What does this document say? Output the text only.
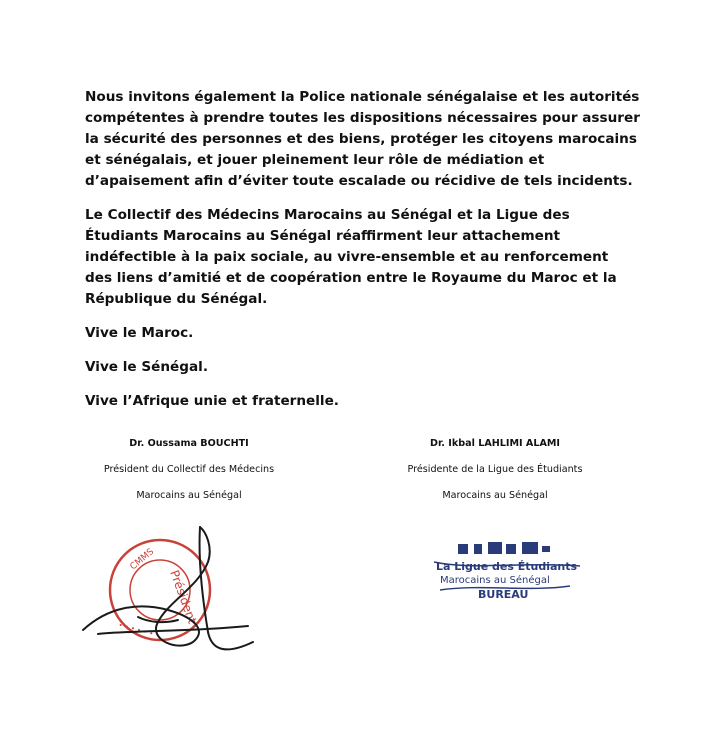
Nous invitons également la Police nationale sénégalaise et les autorités compétentes à prendre toutes les dispositions nécessaires pour assurer la sécurité des personnes et des biens, protéger les citoyens marocains et sénégalais, et jouer pleinement leur rôle de médiation et d’apaisement afin d’éviter toute escalade ou récidive de tels incidents.

Le Collectif des Médecins Marocains au Sénégal et la Ligue des Étudiants Marocains au Sénégal réaffirment leur attachement indéfectible à la paix sociale, au vivre-ensemble et au renforcement des liens d’amitié et de coopération entre le Royaume du Maroc et la République du Sénégal.

Vive le Maroc.

Vive le Sénégal.

Vive l’Afrique unie et fraternelle.

Dr. Oussama BOUCHTI
Président du Collectif des Médecins
Marocains au Sénégal
Dr. Ikbal LAHLIMI ALAMI
Présidente de la Ligue des Étudiants
Marocains au Sénégal
CMMS
Président
• • • • • • •
La Ligue des Étudiants
Marocains au Sénégal
BUREAU
